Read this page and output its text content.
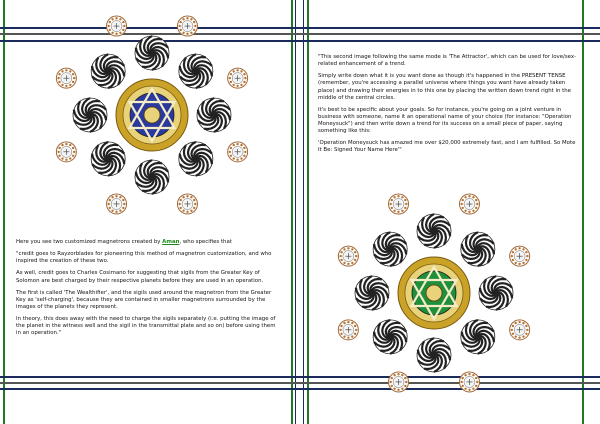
Here you see two customized magnetrons created by Aman, who specifies that

"credit goes to Rayzorblades for pioneering this method of magnetron customization, and who inspired the creation of these two.

As well, credit goes to Charles Cosimano for suggesting that sigils from the Greater Key of Solomon are best charged by their respective planets before they are used in an operation.

The first is called 'The Wealthifier', and the sigils used around the magnetron from the Greater Key as 'self-charging', because they are contained in smaller magnetrons surrounded by the images of the planets they represent.

In theory, this does away with the need to charge the sigils separately (i.e. putting the image of the planet in the witness well and the sigil in the transmittal plate and so on) before using them in an operation."

"This second image following the same mode is 'The Attractor', which can be used for love/sex-related enhancement of a trend.

Simply write down what it is you want done as though it's happened in the PRESENT TENSE (remember, you're accessing a parallel universe where things you want have already taken place) and drawing their energies in to this one by placing the written down trend right in the middle of the central circles.

It's best to be specific about your goals. So for instance, you're going on a joint venture in business with someone, name it an operational name of your choice (for instance: "Operation Moneysuck") and then write down a trend for its success on a small piece of paper, saying something like this:

'Operation Moneysuck has amazed me over $20,000 extremely fast, and I am fulfilled. So Mote It Be: Signed Your Name Here'"
